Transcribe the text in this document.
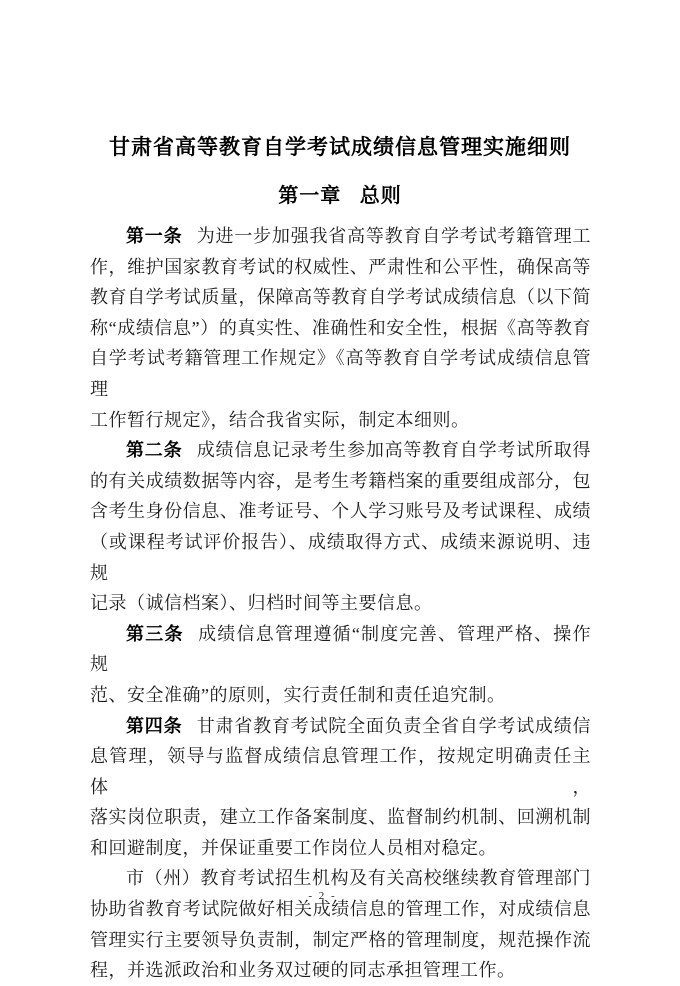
甘肃省高等教育自学考试成绩信息管理实施细则
第一章 总则
第一条 为进一步加强我省高等教育自学考试考籍管理工
作，维护国家教育考试的权威性、严肃性和公平性，确保高等
教育自学考试质量，保障高等教育自学考试成绩信息（以下简
称“成绩信息”）的真实性、准确性和安全性，根据《高等教育
自学考试考籍管理工作规定》《高等教育自学考试成绩信息管理
工作暂行规定》，结合我省实际，制定本细则。
第二条 成绩信息记录考生参加高等教育自学考试所取得
的有关成绩数据等内容，是考生考籍档案的重要组成部分，包
含考生身份信息、准考证号、个人学习账号及考试课程、成绩
（或课程考试评价报告）、成绩取得方式、成绩来源说明、违规
记录（诚信档案）、归档时间等主要信息。
第三条 成绩信息管理遵循“制度完善、管理严格、操作规
范、安全准确”的原则，实行责任制和责任追究制。
第四条 甘肃省教育考试院全面负责全省自学考试成绩信
息管理，领导与监督成绩信息管理工作，按规定明确责任主体，
落实岗位职责，建立工作备案制度、监督制约机制、回溯机制
和回避制度，并保证重要工作岗位人员相对稳定。
市（州）教育考试招生机构及有关高校继续教育管理部门
协助省教育考试院做好相关成绩信息的管理工作，对成绩信息
管理实行主要领导负责制，制定严格的管理制度，规范操作流
程，并选派政治和业务双过硬的同志承担管理工作。
- 2 -
